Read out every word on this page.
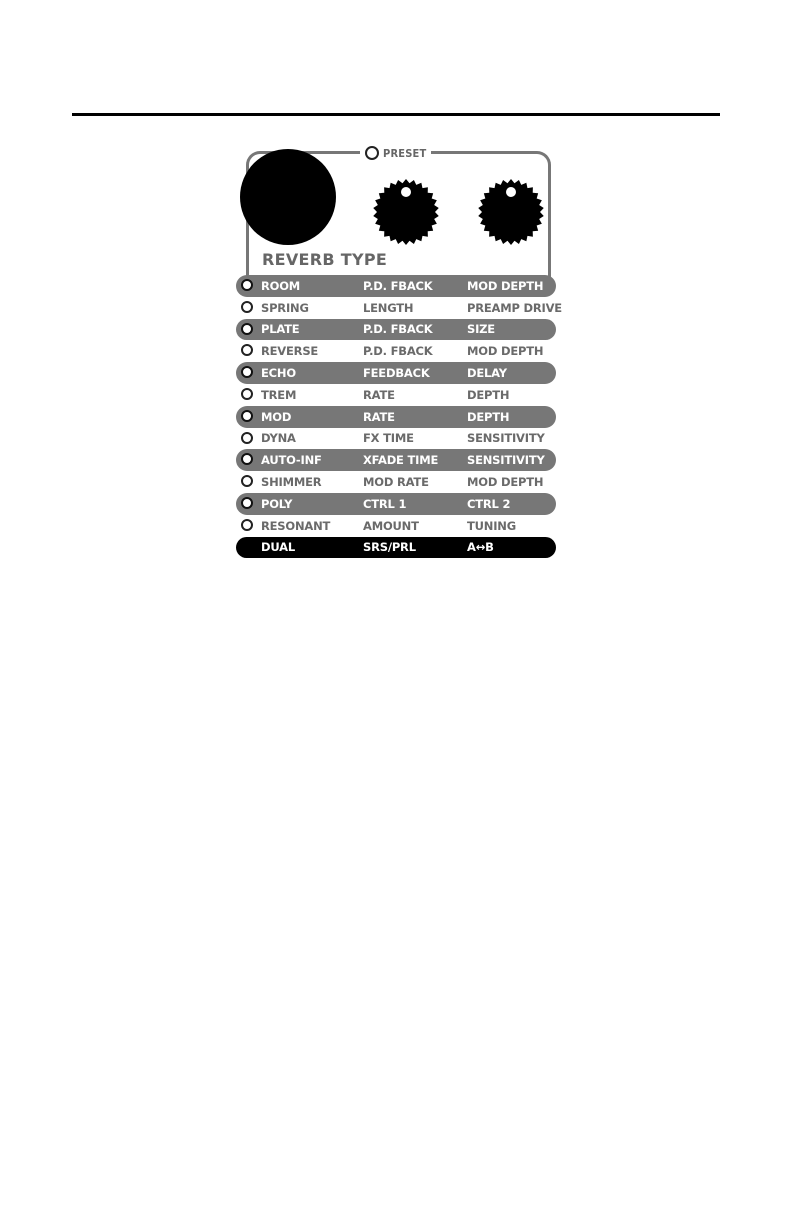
PRESET
REVERB TYPE
ROOM	P.D. FBACK	MOD DEPTH
SPRING	LENGTH	PREAMP DRIVE
PLATE	P.D. FBACK	SIZE
REVERSE	P.D. FBACK	MOD DEPTH
ECHO	FEEDBACK	DELAY
TREM	RATE	DEPTH
MOD	RATE	DEPTH
DYNA	FX TIME	SENSITIVITY
AUTO-INF	XFADE TIME	SENSITIVITY
SHIMMER	MOD RATE	MOD DEPTH
POLY	CTRL 1	CTRL 2
RESONANT	AMOUNT	TUNING
DUAL	SRS/PRL	A↔B
